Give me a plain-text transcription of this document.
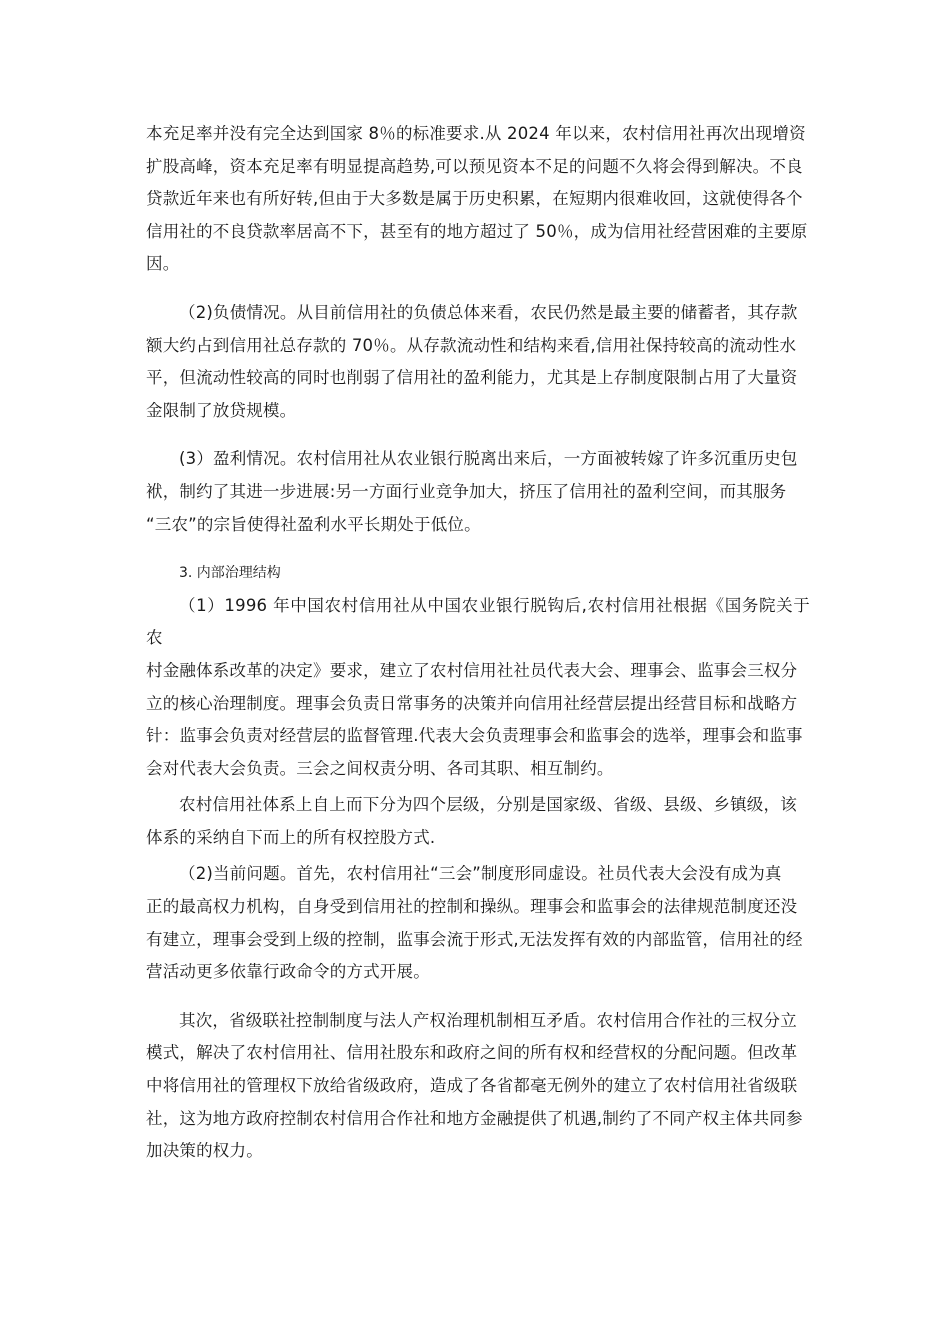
本充足率并没有完全达到国家 8％的标准要求.从 2024 年以来，农村信用社再次出现增资
扩股高峰，资本充足率有明显提高趋势,可以预见资本不足的问题不久将会得到解决。不良
贷款近年来也有所好转,但由于大多数是属于历史积累，在短期内很难收回，这就使得各个
信用社的不良贷款率居高不下，甚至有的地方超过了 50％，成为信用社经营困难的主要原
因。

（2)负债情况。从目前信用社的负债总体来看，农民仍然是最主要的储蓄者，其存款
额大约占到信用社总存款的 70％。从存款流动性和结构来看,信用社保持较高的流动性水
平，但流动性较高的同时也削弱了信用社的盈利能力，尤其是上存制度限制占用了大量资
金限制了放贷规模。

(3）盈利情况。农村信用社从农业银行脱离出来后，一方面被转嫁了许多沉重历史包
袱，制约了其进一步进展:另一方面行业竞争加大，挤压了信用社的盈利空间，而其服务
“三农”的宗旨使得社盈利水平长期处于低位。

3. 内部治理结构

（1）1996 年中国农村信用社从中国农业银行脱钩后,农村信用社根据《国务院关于农
村金融体系改革的决定》要求，建立了农村信用社社员代表大会、理事会、监事会三权分
立的核心治理制度。理事会负责日常事务的决策并向信用社经营层提出经营目标和战略方
针：监事会负责对经营层的监督管理.代表大会负责理事会和监事会的选举，理事会和监事
会对代表大会负责。三会之间权责分明、各司其职、相互制约。

农村信用社体系上自上而下分为四个层级，分别是国家级、省级、县级、乡镇级，该
体系的采纳自下而上的所有权控股方式.

（2)当前问题。首先，农村信用社“三会”制度形同虚设。社员代表大会没有成为真
正的最高权力机构，自身受到信用社的控制和操纵。理事会和监事会的法律规范制度还没
有建立，理事会受到上级的控制，监事会流于形式,无法发挥有效的内部监管，信用社的经
营活动更多依靠行政命令的方式开展。

其次，省级联社控制制度与法人产权治理机制相互矛盾。农村信用合作社的三权分立
模式，解决了农村信用社、信用社股东和政府之间的所有权和经营权的分配问题。但改革
中将信用社的管理权下放给省级政府，造成了各省都毫无例外的建立了农村信用社省级联
社，这为地方政府控制农村信用合作社和地方金融提供了机遇,制约了不同产权主体共同参
加决策的权力。
